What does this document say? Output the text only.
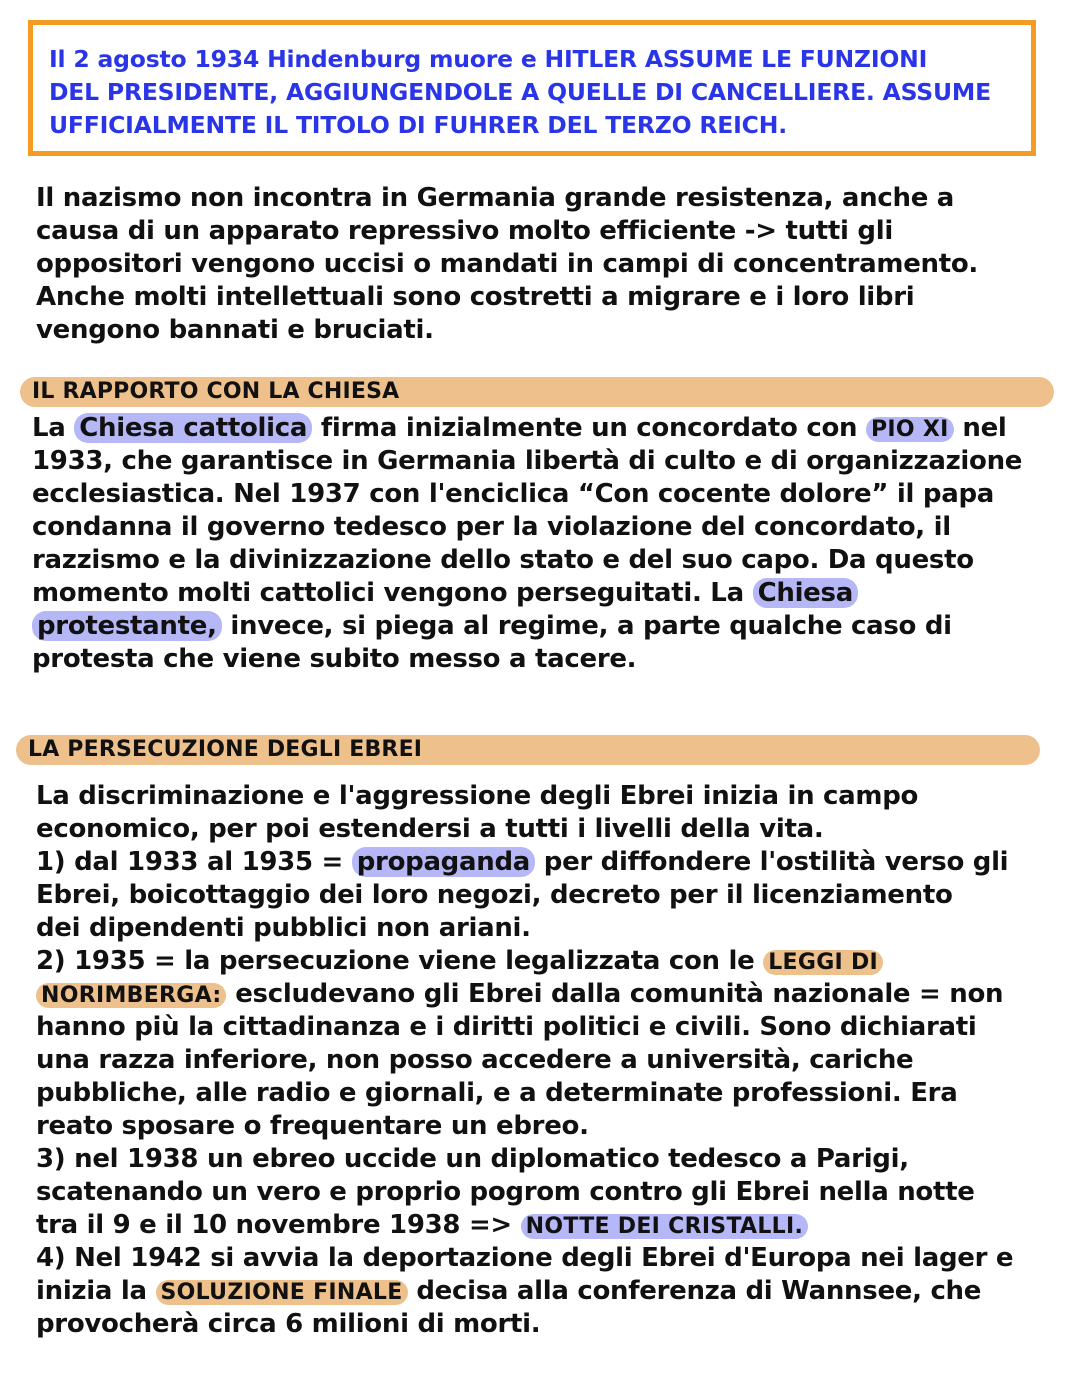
Il 2 agosto 1934 Hindenburg muore e HITLER ASSUME LE FUNZIONI
DEL PRESIDENTE, AGGIUNGENDOLE A QUELLE DI CANCELLIERE. ASSUME
UFFICIALMENTE IL TITOLO DI FUHRER DEL TERZO REICH.
Il nazismo non incontra in Germania grande resistenza, anche a
causa di un apparato repressivo molto efficiente -> tutti gli
oppositori vengono uccisi o mandati in campi di concentramento.
Anche molti intellettuali sono costretti a migrare e i loro libri
vengono bannati e bruciati.
IL RAPPORTO CON LA CHIESA
La Chiesa cattolica firma inizialmente un concordato con PIO XI nel
1933, che garantisce in Germania libertà di culto e di organizzazione
ecclesiastica. Nel 1937 con l'enciclica “Con cocente dolore” il papa
condanna il governo tedesco per la violazione del concordato, il
razzismo e la divinizzazione dello stato e del suo capo. Da questo
momento molti cattolici vengono perseguitati. La Chiesa
protestante, invece, si piega al regime, a parte qualche caso di
protesta che viene subito messo a tacere.
LA PERSECUZIONE DEGLI EBREI
La discriminazione e l'aggressione degli Ebrei inizia in campo
economico, per poi estendersi a tutti i livelli della vita.
1) dal 1933 al 1935 = propaganda per diffondere l'ostilità verso gli
Ebrei, boicottaggio dei loro negozi, decreto per il licenziamento
dei dipendenti pubblici non ariani.
2) 1935 = la persecuzione viene legalizzata con le LEGGI DI
NORIMBERGA: escludevano gli Ebrei dalla comunità nazionale = non
hanno più la cittadinanza e i diritti politici e civili. Sono dichiarati
una razza inferiore, non posso accedere a università, cariche
pubbliche, alle radio e giornali, e a determinate professioni. Era
reato sposare o frequentare un ebreo.
3) nel 1938 un ebreo uccide un diplomatico tedesco a Parigi,
scatenando un vero e proprio pogrom contro gli Ebrei nella notte
tra il 9 e il 10 novembre 1938 => NOTTE DEI CRISTALLI.
4) Nel 1942 si avvia la deportazione degli Ebrei d'Europa nei lager e
inizia la SOLUZIONE FINALE decisa alla conferenza di Wannsee, che
provocherà circa 6 milioni di morti.
